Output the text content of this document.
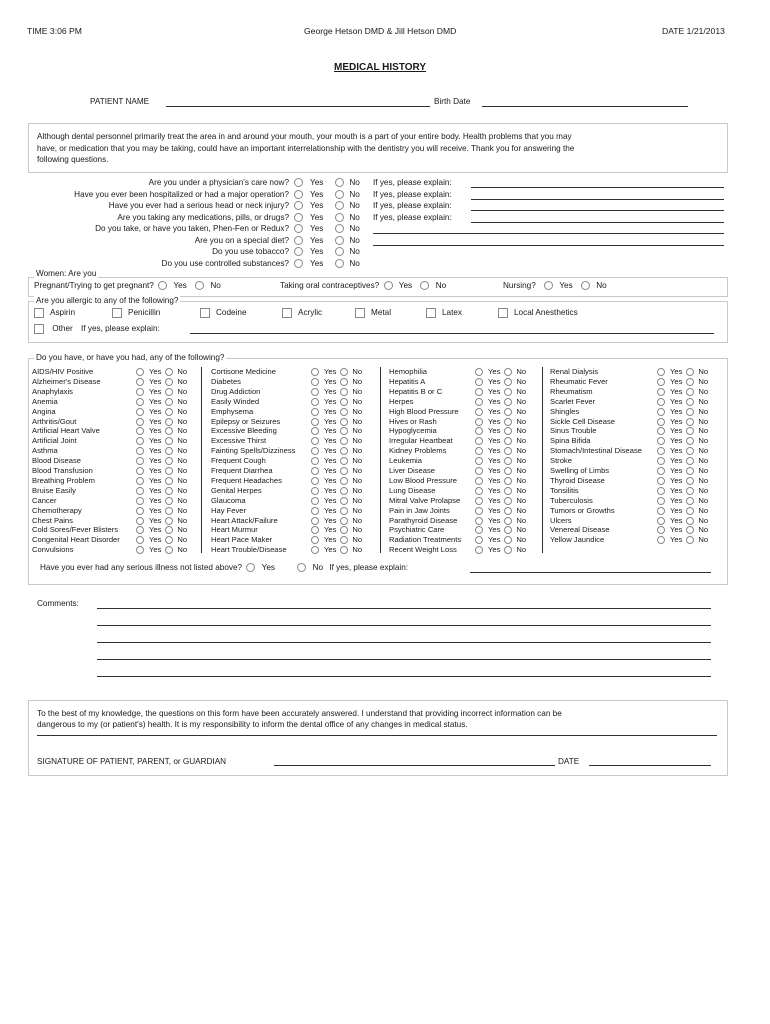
TIME 3:06 PM	George Hetson DMD & Jill Hetson DMD	DATE 1/21/2013
MEDICAL HISTORY
PATIENT NAME	Birth Date
Although dental personnel primarily treat the area in and around your mouth, your mouth is a part of your entire body. Health problems that you may
have, or medication that you may be taking, could have an important interrelationship with the dentistry you will receive. Thank you for answering the
following questions.
Are you under a physician's care now?	Yes	No If yes, please explain:
Have you ever been hospitalized or had a major operation?	Yes	No If yes, please explain:
Have you ever had a serious head or neck injury?	Yes	No If yes, please explain:
Are you taking any medications, pills, or drugs?	Yes	No If yes, please explain:
Do you take, or have you taken, Phen-Fen or Redux?	Yes	No
Are you on a special diet?	Yes	No
Do you use tobacco?	Yes	No
Do you use controlled substances?	Yes	No
Women: Are you
Pregnant/Trying to get pregnant? Yes	No	Taking oral contraceptives? Yes	No	Nursing?	Yes	No
Are you allergic to any of the following?
Aspirin	Penicillin	Codeine	Acrylic	Metal	Latex	Local Anesthetics
Other If yes, please explain:
Do you have, or have you had, any of the following?
AIDS/HIV Positive	Yes No
Alzheimer's Disease	Yes No
Anaphylaxis	Yes No
Anemia	Yes No
Angina	Yes No
Arthritis/Gout	Yes No
Artificial Heart Valve	Yes No
Artificial Joint	Yes No
Asthma	Yes No
Blood Disease	Yes No
Blood Transfusion	Yes No
Breathing Problem	Yes No
Bruise Easily	Yes No
Cancer	Yes No
Chemotherapy	Yes No
Chest Pains	Yes No
Cold Sores/Fever Blisters	Yes No
Congenital Heart Disorder	Yes No
Convulsions	Yes No
Cortisone Medicine	Yes No
Diabetes	Yes No
Drug Addiction	Yes No
Easily Winded	Yes No
Emphysema	Yes No
Epilepsy or Seizures	Yes No
Excessive Bleeding	Yes No
Excessive Thirst	Yes No
Fainting Spells/Dizziness	Yes No
Frequent Cough	Yes No
Frequent Diarrhea	Yes No
Frequent Headaches	Yes No
Genital Herpes	Yes No
Glaucoma	Yes No
Hay Fever	Yes No
Heart Attack/Failure	Yes No
Heart Murmur	Yes No
Heart Pace Maker	Yes No
Heart Trouble/Disease	Yes No
Hemophilia	Yes No
Hepatitis A	Yes No
Hepatitis B or C	Yes No
Herpes	Yes No
High Blood Pressure	Yes No
Hives or Rash	Yes No
Hypoglycemia	Yes No
Irregular Heartbeat	Yes No
Kidney Problems	Yes No
Leukemia	Yes No
Liver Disease	Yes No
Low Blood Pressure	Yes No
Lung Disease	Yes No
Mitral Valve Prolapse	Yes No
Pain in Jaw Joints	Yes No
Parathyroid Disease	Yes No
Psychiatric Care	Yes No
Radiation Treatments	Yes No
Recent Weight Loss	Yes No
Renal Dialysis	Yes No
Rheumatic Fever	Yes No
Rheumatism	Yes No
Scarlet Fever	Yes No
Shingles	Yes No
Sickle Cell Disease	Yes No
Sinus Trouble	Yes No
Spina Bifida	Yes No
Stomach/Intestinal Disease	Yes No
Stroke	Yes No
Swelling of Limbs	Yes No
Thyroid Disease	Yes No
Tonsilitis	Yes No
Tuberculosis	Yes No
Tumors or Growths	Yes No
Ulcers	Yes No
Venereal Disease	Yes No
Yellow Jaundice	Yes No
Have you ever had any serious illness not listed above? Yes	No If yes, please explain:
Comments:
To the best of my knowledge, the questions on this form have been accurately answered. I understand that providing incorrect information can be
dangerous to my (or patient's) health. It is my responsibility to inform the dental office of any changes in medical status.
SIGNATURE OF PATIENT, PARENT, or GUARDIAN	DATE
